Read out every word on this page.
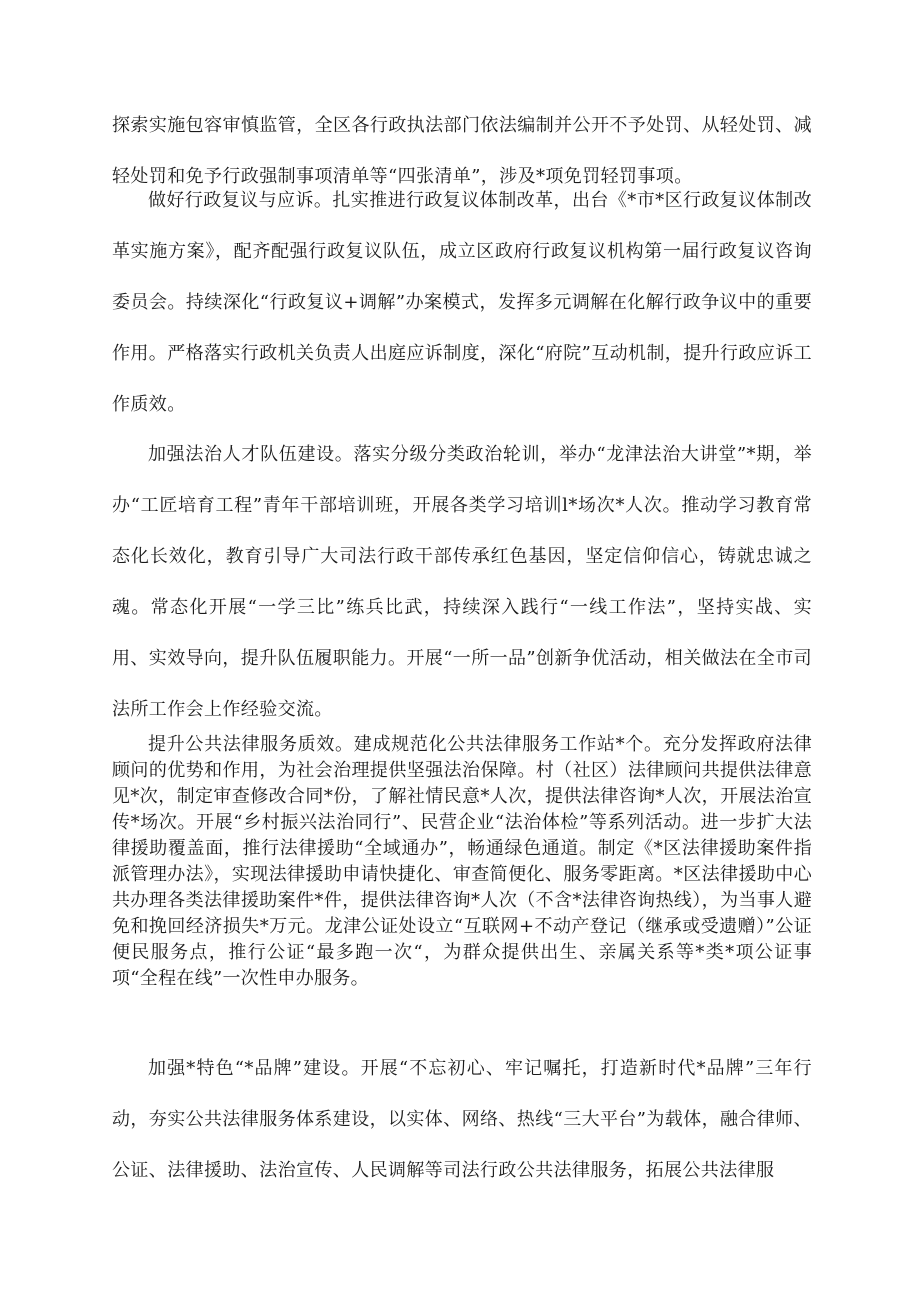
探索实施包容审慎监管，全区各行政执法部门依法编制并公开不予处罚、从轻处罚、减轻处罚和免予行政强制事项清单等“四张清单”，涉及*项免罚轻罚事项。

做好行政复议与应诉。扎实推进行政复议体制改革，出台《*市*区行政复议体制改革实施方案》，配齐配强行政复议队伍，成立区政府行政复议机构第一届行政复议咨询委员会。持续深化“行政复议+调解”办案模式，发挥多元调解在化解行政争议中的重要作用。严格落实行政机关负责人出庭应诉制度，深化“府院”互动机制，提升行政应诉工作质效。

加强法治人才队伍建设。落实分级分类政治轮训，举办“龙津法治大讲堂”*期，举办“工匠培育工程”青年干部培训班，开展各类学习培训l*场次*人次。推动学习教育常态化长效化，教育引导广大司法行政干部传承红色基因，坚定信仰信心，铸就忠诚之魂。常态化开展“一学三比”练兵比武，持续深入践行“一线工作法”，坚持实战、实用、实效导向，提升队伍履职能力。开展“一所一品”创新争优活动，相关做法在全市司法所工作会上作经验交流。

提升公共法律服务质效。建成规范化公共法律服务工作站*个。充分发挥政府法律顾问的优势和作用，为社会治理提供坚强法治保障。村（社区）法律顾问共提供法律意见*次，制定审查修改合同*份，了解社情民意*人次，提供法律咨询*人次，开展法治宣传*场次。开展“乡村振兴法治同行”、民营企业“法治体检”等系列活动。进一步扩大法律援助覆盖面，推行法律援助“全域通办”，畅通绿色通道。制定《*区法律援助案件指派管理办法》，实现法律援助申请快捷化、审查简便化、服务零距离。*区法律援助中心共办理各类法律援助案件*件，提供法律咨询*人次（不含*法律咨询热线），为当事人避免和挽回经济损失*万元。龙津公证处设立“互联网+不动产登记（继承或受遗赠）”公证便民服务点，推行公证“最多跑一次“，为群众提供出生、亲属关系等*类*项公证事项“全程在线”一次性申办服务。

加强*特色“*品牌”建设。开展“不忘初心、牢记嘱托，打造新时代*品牌”三年行动，夯实公共法律服务体系建设，以实体、网络、热线“三大平台”为载体，融合律师、公证、法律援助、法治宣传、人民调解等司法行政公共法律服务，拓展公共法律服
